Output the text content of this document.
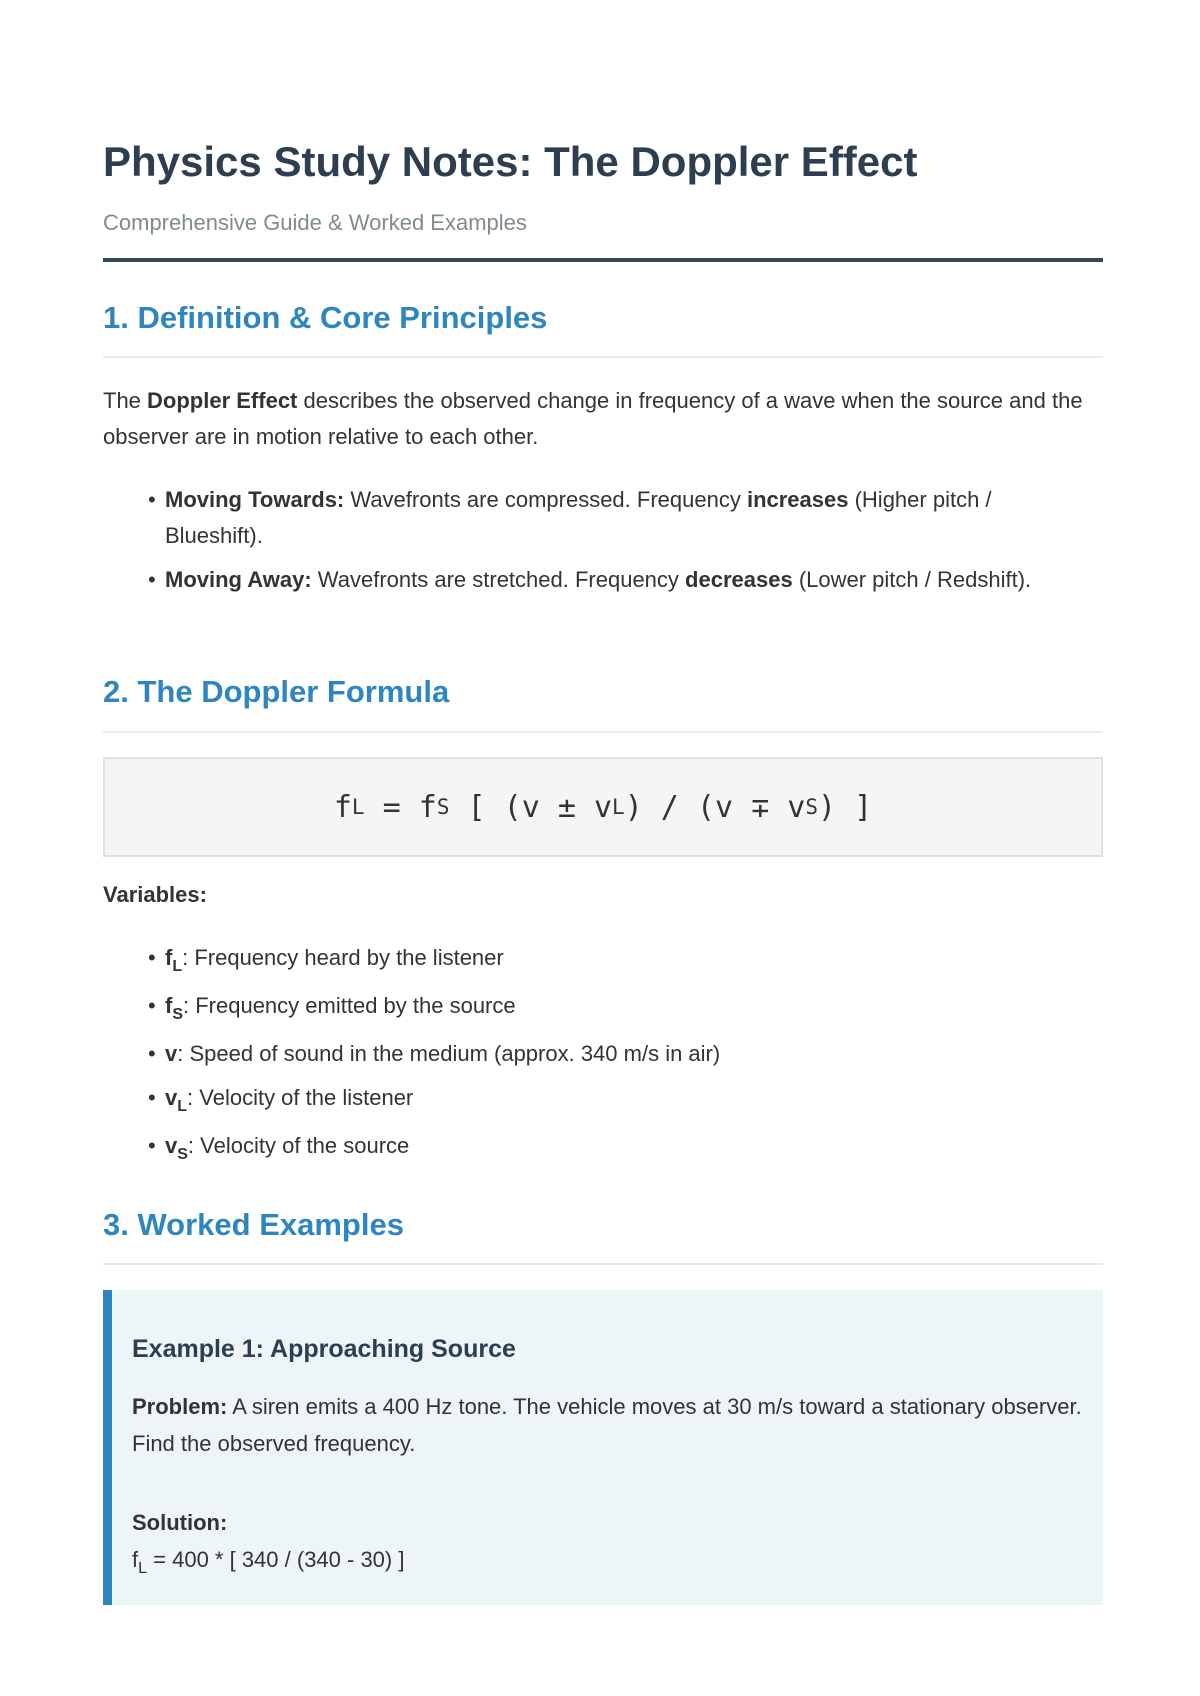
Physics Study Notes: The Doppler Effect
Comprehensive Guide & Worked Examples
1. Definition & Core Principles

The Doppler Effect describes the observed change in frequency of a wave when the source and the observer are in motion relative to each other.

• Moving Towards: Wavefronts are compressed. Frequency increases (Higher pitch / Blueshift).
• Moving Away: Wavefronts are stretched. Frequency decreases (Lower pitch / Redshift).
2. The Doppler Formula
f L = f S [ (v ± v L ) / (v ∓ v S ) ]
Variables:
• $f_L$: Frequency heard by the listener
• $f_S$: Frequency emitted by the source
• v: Speed of sound in the medium (approx. 340 m/s in air)
• $v_L$: Velocity of the listener
• $v_S$: Velocity of the source
3. Worked Examples
Example 1: Approaching Source

Problem: A siren emits a 400 Hz tone. The vehicle moves at 30 m/s toward a stationary observer. Find the observed frequency.

Solution:
$f_L = 400$ * [ 340 / (340 - 30) ]
